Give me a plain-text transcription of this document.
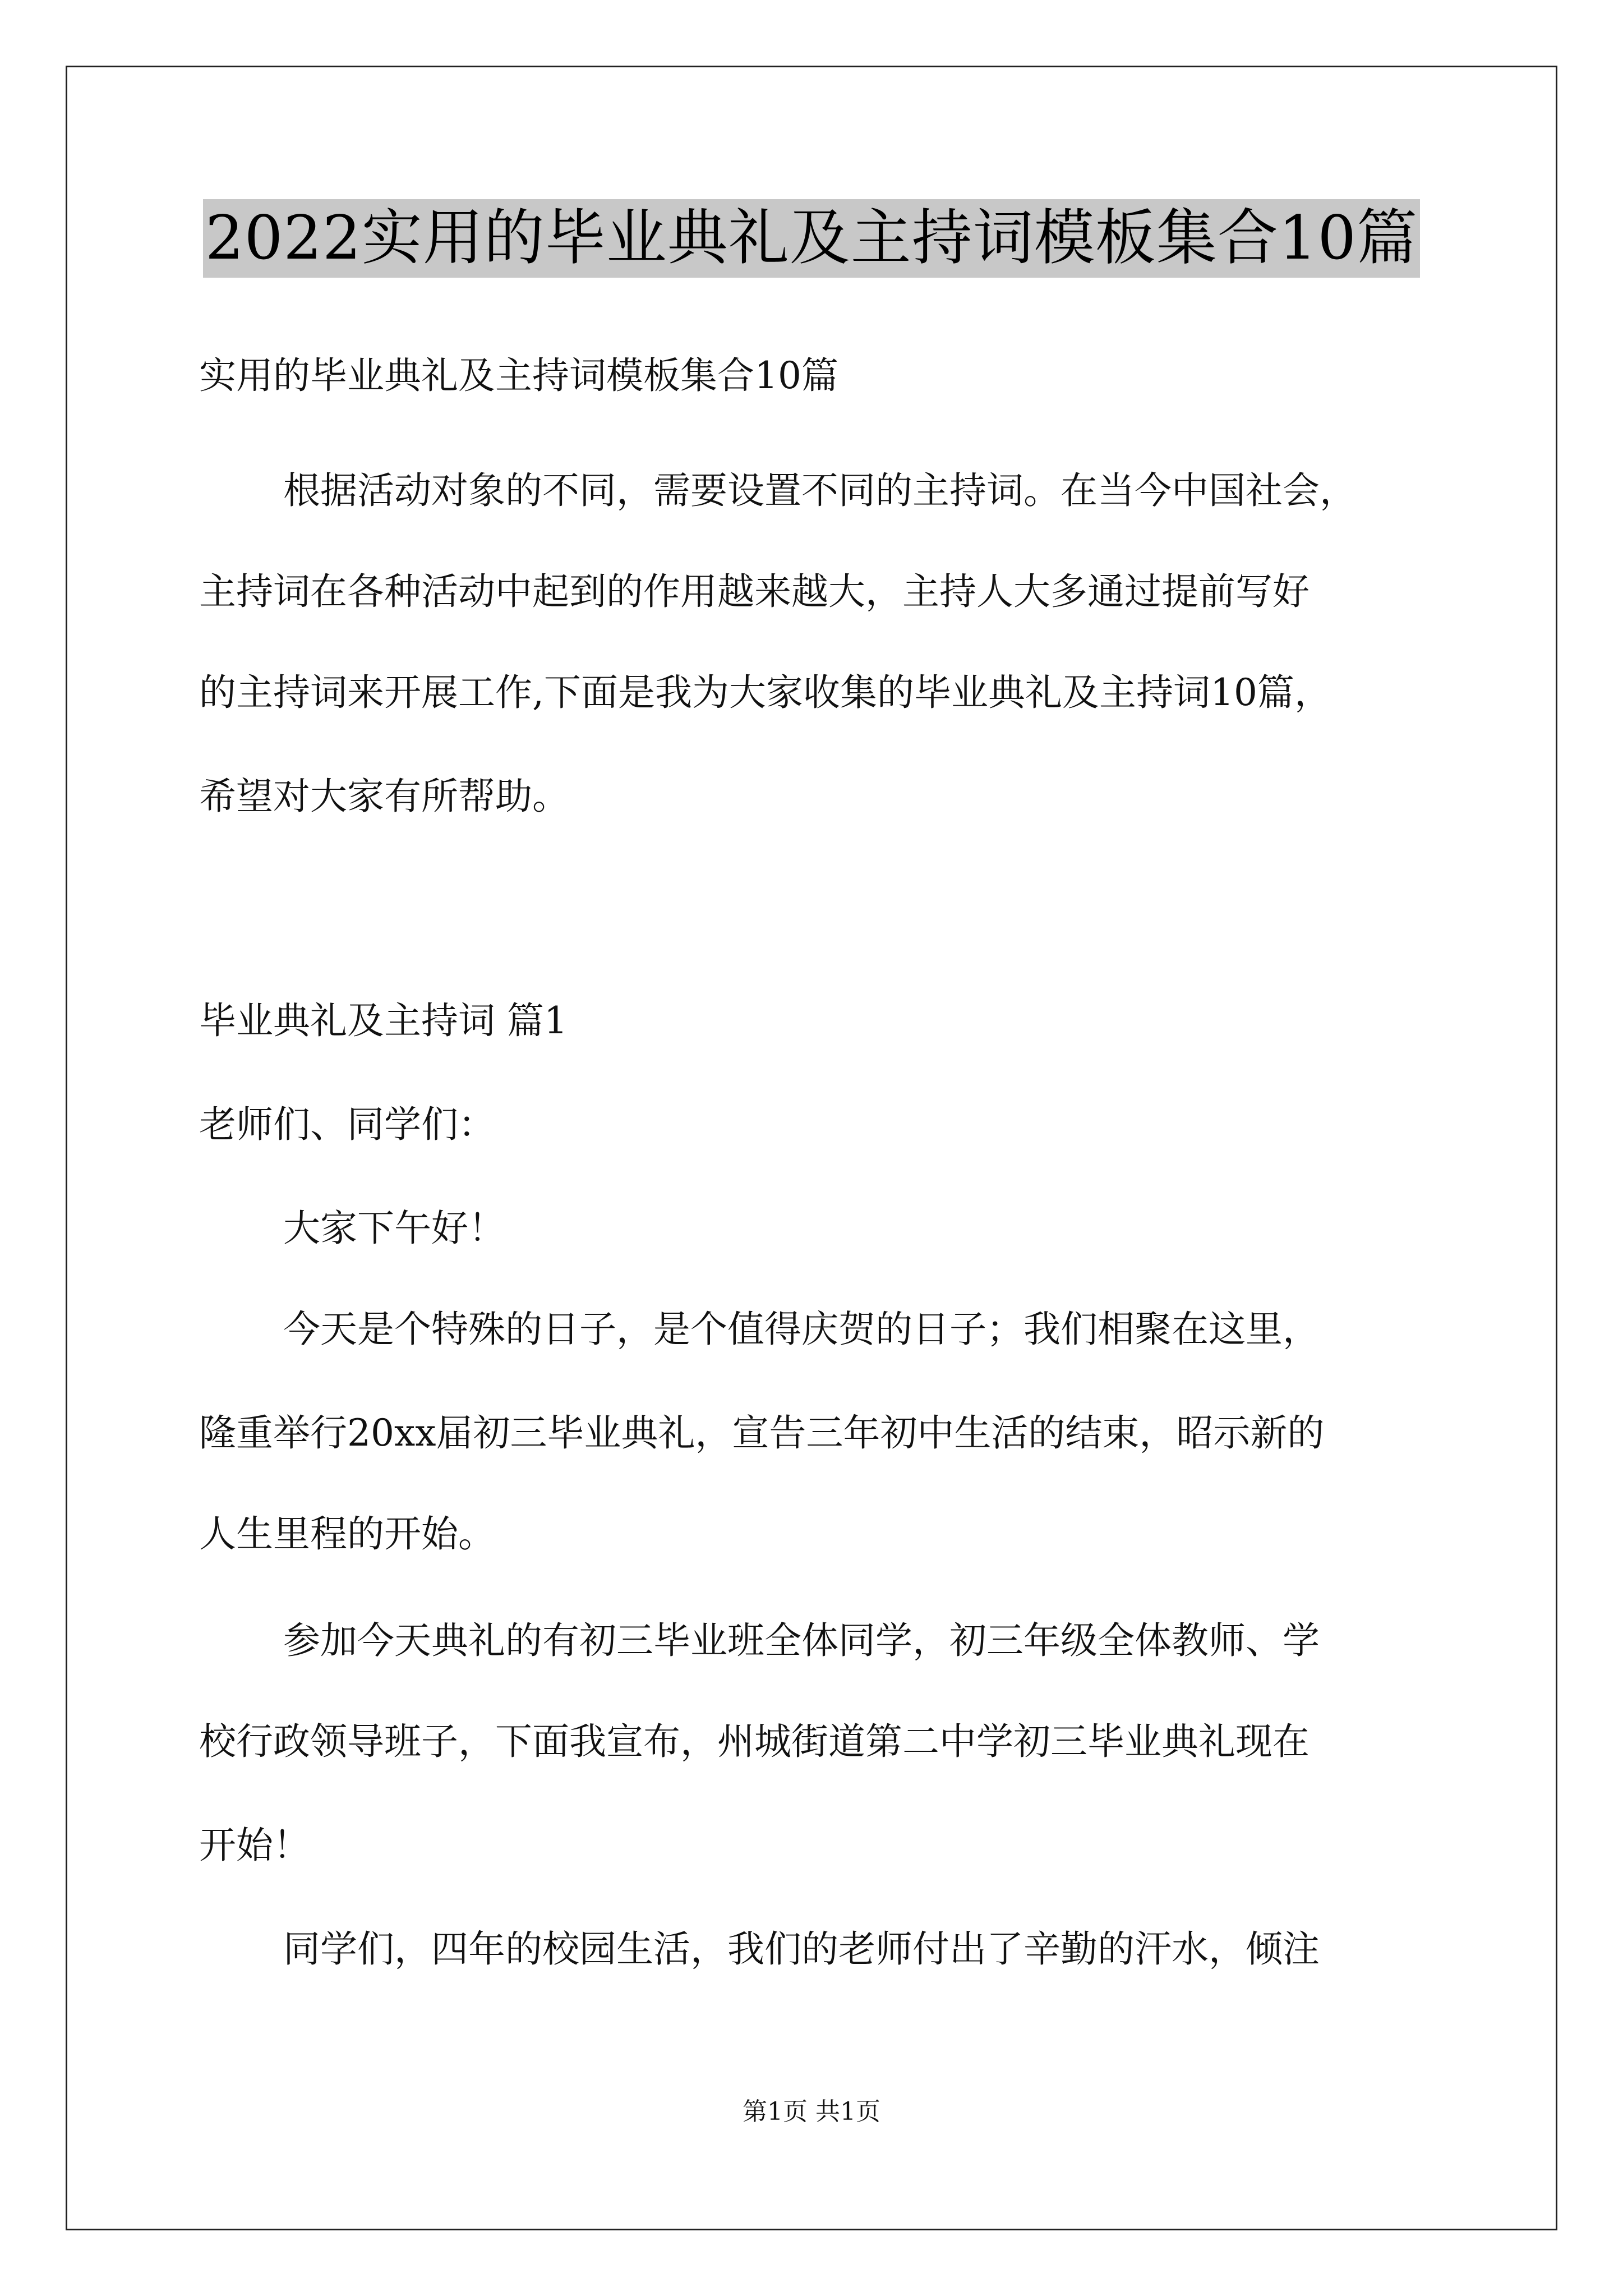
2022实用的毕业典礼及主持词模板集合10篇
实用的毕业典礼及主持词模板集合10篇
根据活动对象的不同，需要设置不同的主持词。在当今中国社会，
主持词在各种活动中起到的作用越来越大，主持人大多通过提前写好
的主持词来开展工作,下面是我为大家收集的毕业典礼及主持词10篇，
希望对大家有所帮助。
毕业典礼及主持词 篇1
老师们、同学们：
大家下午好！
今天是个特殊的日子，是个值得庆贺的日子；我们相聚在这里，
隆重举行20xx届初三毕业典礼，宣告三年初中生活的结束，昭示新的
人生里程的开始。
参加今天典礼的有初三毕业班全体同学，初三年级全体教师、学
校行政领导班子，下面我宣布，州城街道第二中学初三毕业典礼现在
开始！
同学们，四年的校园生活，我们的老师付出了辛勤的汗水，倾注
第1页 共1页
